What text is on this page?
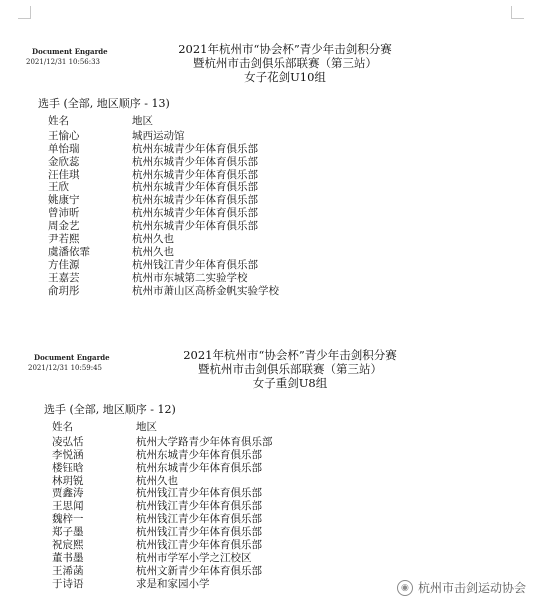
Document Engarde
2021/12/31 10:56:33
2021年杭州市“协会杯”青少年击剑积分赛
暨杭州市击剑俱乐部联赛（第三站）
女子花剑U10组
选手 (全部, 地区顺序 - 13)
姓名	地区
王愉心	城西运动馆
单怡瑞	杭州东城青少年体育俱乐部
金欣蕊	杭州东城青少年体育俱乐部
汪佳琪	杭州东城青少年体育俱乐部
王欣	杭州东城青少年体育俱乐部
姚康宁	杭州东城青少年体育俱乐部
曾沛昕	杭州东城青少年体育俱乐部
周金艺	杭州东城青少年体育俱乐部
尹若熙	杭州久也
虞潘依霏	杭州久也
方佳源	杭州钱江青少年体育俱乐部
王嘉芸	杭州市东城第二实验学校
俞玥彤	杭州市萧山区高桥金帆实验学校
Document Engarde
2021/12/31 10:59:45
2021年杭州市“协会杯”青少年击剑积分赛
暨杭州市击剑俱乐部联赛（第三站）
女子重剑U8组
选手 (全部, 地区顺序 - 12)
姓名	地区
凌弘恬	杭州大学路青少年体育俱乐部
李悦涵	杭州东城青少年体育俱乐部
楼钰晗	杭州东城青少年体育俱乐部
林玥锐	杭州久也
贾鑫涛	杭州钱江青少年体育俱乐部
王思闻	杭州钱江青少年体育俱乐部
魏梓一	杭州钱江青少年体育俱乐部
郑子墨	杭州钱江青少年体育俱乐部
祝宸熙	杭州钱江青少年体育俱乐部
董书墨	杭州市学军小学之江校区
王浠菡	杭州文新青少年体育俱乐部
于诗语	求是和家园小学	◉ 杭州市击剑运动协会
